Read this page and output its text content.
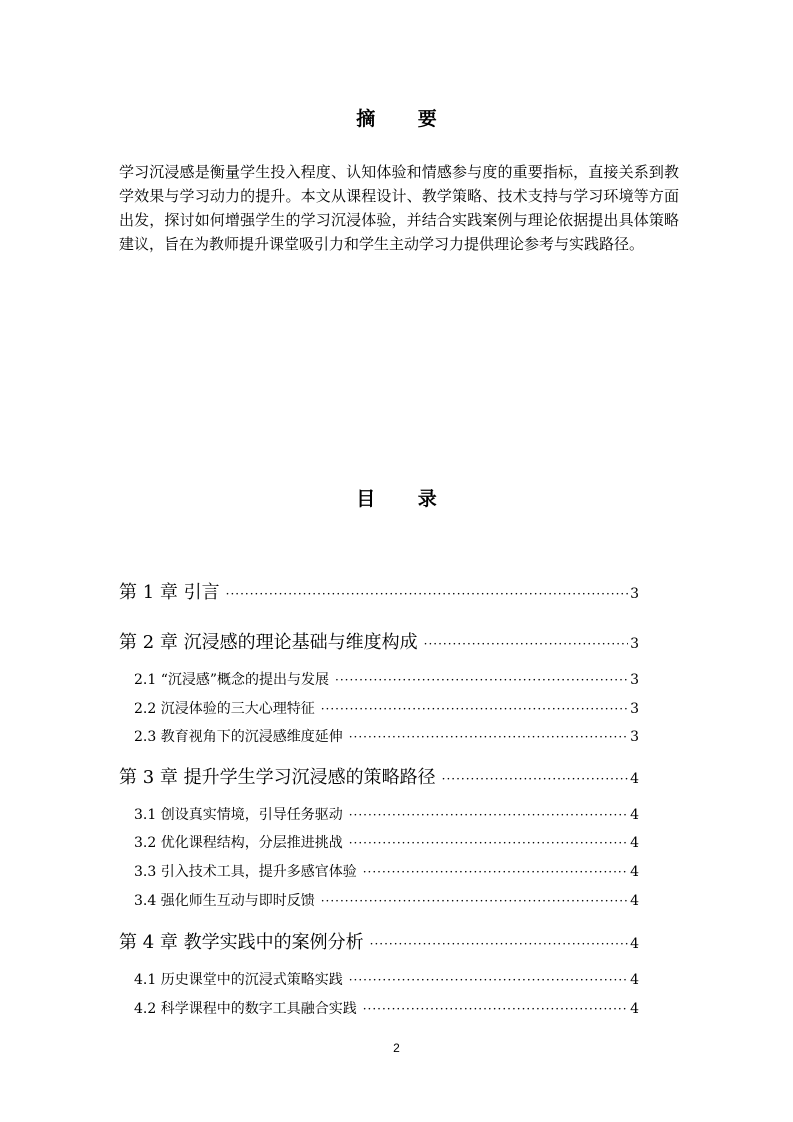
摘 要
学习沉浸感是衡量学生投入程度、认知体验和情感参与度的重要指标，直接关系到教学效果与学习动力的提升。本文从课程设计、教学策略、技术支持与学习环境等方面出发，探讨如何增强学生的学习沉浸体验，并结合实践案例与理论依据提出具体策略建议，旨在为教师提升课堂吸引力和学生主动学习力提供理论参考与实践路径。
目 录
第 1 章 引言 ·····	3
第 2 章 沉浸感的理论基础与维度构成 ·····	3
2.1 “沉浸感”概念的提出与发展 ·····	3
2.2 沉浸体验的三大心理特征 ·····	3
2.3 教育视角下的沉浸感维度延伸 ·····	3
第 3 章 提升学生学习沉浸感的策略路径 ·····	4
3.1 创设真实情境，引导任务驱动 ·····	4
3.2 优化课程结构，分层推进挑战 ·····	4
3.3 引入技术工具，提升多感官体验 ·····	4
3.4 强化师生互动与即时反馈 ·····	4
第 4 章 教学实践中的案例分析 ·····	4
4.1 历史课堂中的沉浸式策略实践 ·····	4
4.2 科学课程中的数字工具融合实践 ·····	4
2
